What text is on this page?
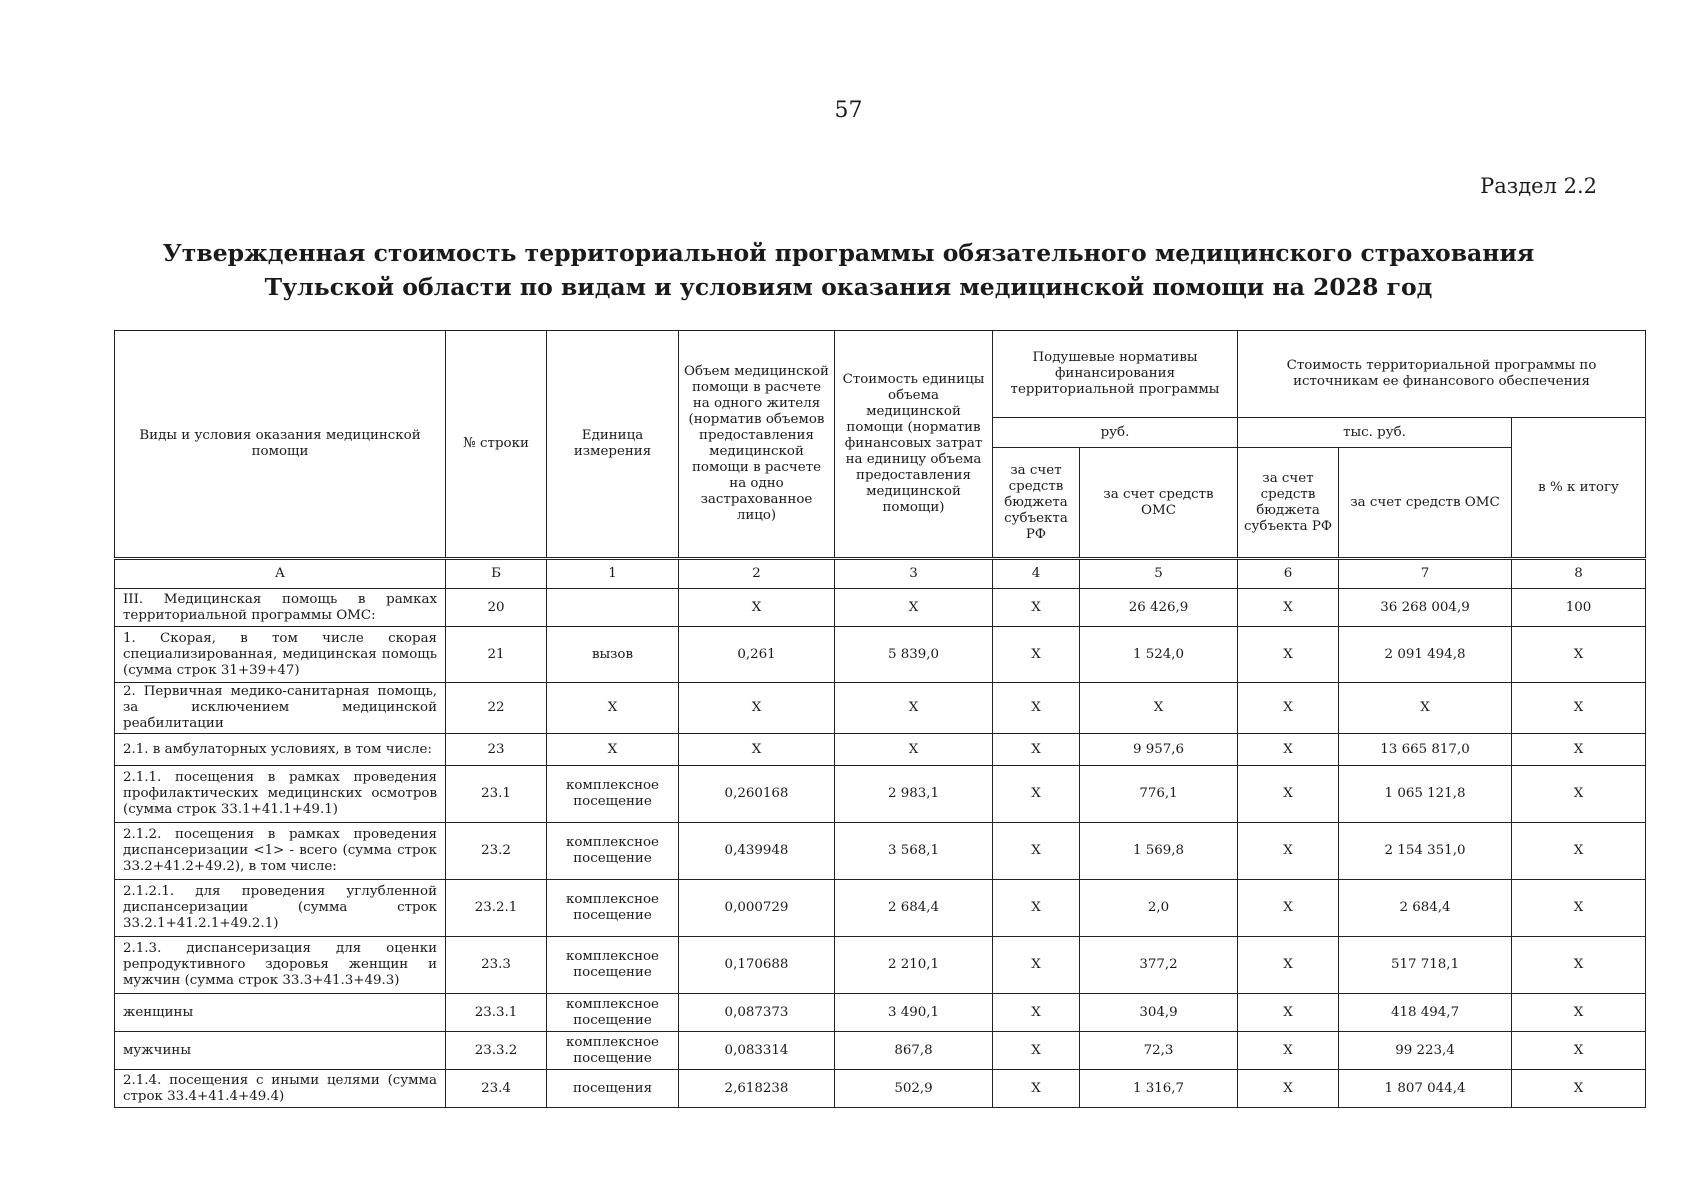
57
Раздел 2.2
Утвержденная стоимость территориальной программы обязательного медицинского страхования
Тульской области по видам и условиям оказания медицинской помощи на 2028 год
Виды и условия оказания медицинской помощи	№ строки	Единица измерения	Объем медицинской помощи в расчете на одного жителя (норматив объемов предоставления медицинской помощи в расчете на одно застрахованное лицо)	Стоимость единицы объема медицинской помощи (норматив финансовых затрат на единицу объема предоставления медицинской помощи)	Подушевые нормативы финансирования территориальной программы		Стоимость территориальной программы по источникам ее финансового обеспечения		
					руб.		тыс. руб.		в % к итогу
					за счет средств бюджета субъекта РФ	за счет средств ОМС	за счет средств бюджета субъекта РФ	за счет средств ОМС	
А	Б	1	2	3	4	5	6	7	8
III. Медицинская помощь в рамках территориальной программы ОМС:	20		Х	Х	Х	26 426,9	Х	36 268 004,9	100
1. Скорая, в том числе скорая специализированная, медицинская помощь (сумма строк 31+39+47)	21	вызов	0,261	5 839,0	Х	1 524,0	Х	2 091 494,8	Х
2. Первичная медико-санитарная помощь, за исключением медицинской реабилитации	22	Х	Х	Х	Х	Х	Х	Х	Х
2.1. в амбулаторных условиях, в том числе:	23	Х	Х	Х	Х	9 957,6	Х	13 665 817,0	Х
2.1.1. посещения в рамках проведения профилактических медицинских осмотров (сумма строк 33.1+41.1+49.1)	23.1	комплексное посещение	0,260168	2 983,1	Х	776,1	Х	1 065 121,8	Х
2.1.2. посещения в рамках проведения диспансеризации <1> - всего (сумма строк 33.2+41.2+49.2), в том числе:	23.2	комплексное посещение	0,439948	3 568,1	Х	1 569,8	Х	2 154 351,0	Х
2.1.2.1. для проведения углубленной диспансеризации (сумма строк 33.2.1+41.2.1+49.2.1)	23.2.1	комплексное посещение	0,000729	2 684,4	Х	2,0	Х	2 684,4	Х
2.1.3. диспансеризация для оценки репродуктивного здоровья женщин и мужчин (сумма строк 33.3+41.3+49.3)	23.3	комплексное посещение	0,170688	2 210,1	Х	377,2	Х	517 718,1	Х
женщины	23.3.1	комплексное посещение	0,087373	3 490,1	Х	304,9	Х	418 494,7	Х
мужчины	23.3.2	комплексное посещение	0,083314	867,8	Х	72,3	Х	99 223,4	Х
2.1.4. посещения с иными целями (сумма строк 33.4+41.4+49.4)	23.4	посещения	2,618238	502,9	Х	1 316,7	Х	1 807 044,4	Х
